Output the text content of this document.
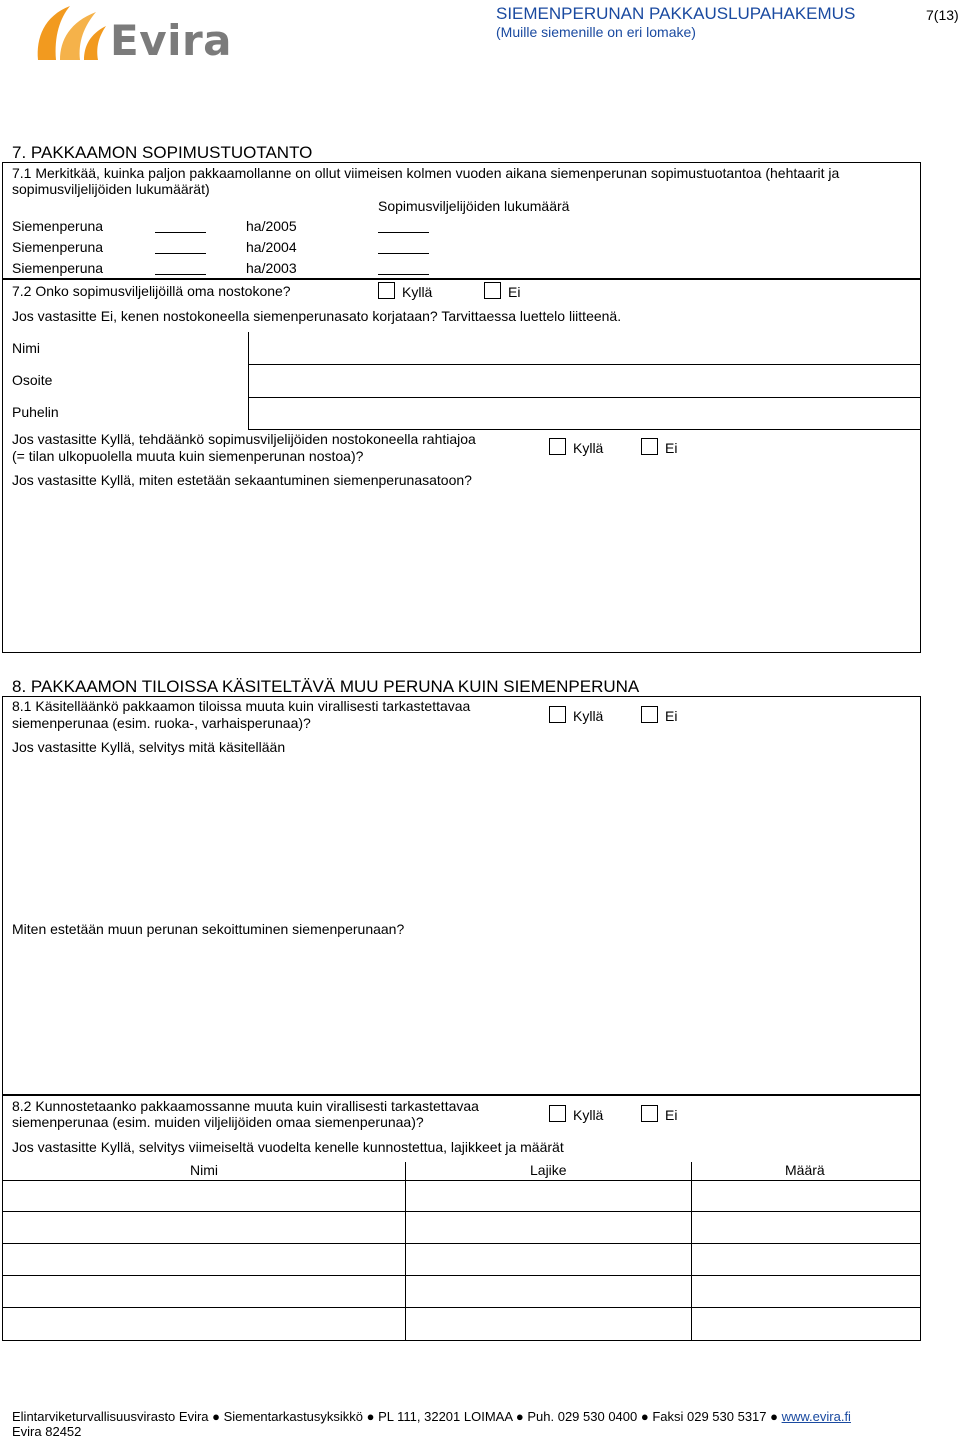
Evira
SIEMENPERUNAN PAKKAUSLUPAHAKEMUS
(Muille siemenille on eri lomake)
7(13)
7. PAKKAAMON SOPIMUSTUOTANTO
7.1 Merkitkää, kuinka paljon pakkaamollanne on ollut viimeisen kolmen vuoden aikana siemenperunan sopimustuotantoa (hehtaarit ja
sopimusviljelijöiden lukumäärät)
Sopimusviljelijöiden lukumäärä
Siemenperuna	ha/2005
Siemenperuna	ha/2004
Siemenperuna	ha/2003
7.2 Onko sopimusviljelijöillä oma nostokone?	Kyllä	Ei
Jos vastasitte Ei, kenen nostokoneella siemenperunasato korjataan? Tarvittaessa luettelo liitteenä.
Nimi
Osoite
Puhelin
Jos vastasitte Kyllä, tehdäänkö sopimusviljelijöiden nostokoneella rahtiajoa
(= tilan ulkopuolella muuta kuin siemenperunan nostoa)?	Kyllä	Ei
Jos vastasitte Kyllä, miten estetään sekaantuminen siemenperunasatoon?
8. PAKKAAMON TILOISSA KÄSITELTÄVÄ MUU PERUNA KUIN SIEMENPERUNA
8.1 Käsitelläänkö pakkaamon tiloissa muuta kuin virallisesti tarkastettavaa
siemenperunaa (esim. ruoka-, varhaisperunaa)?	Kyllä	Ei
Jos vastasitte Kyllä, selvitys mitä käsitellään
Miten estetään muun perunan sekoittuminen siemenperunaan?
8.2 Kunnostetaanko pakkaamossanne muuta kuin virallisesti tarkastettavaa
siemenperunaa (esim. muiden viljelijöiden omaa siemenperunaa)?	Kyllä	Ei
Jos vastasitte Kyllä, selvitys viimeiseltä vuodelta kenelle kunnostettua, lajikkeet ja määrät
Nimi	Lajike	Määrä
Elintarviketurvallisuusvirasto Evira ● Siementarkastusyksikkö ● PL 111, 32201 LOIMAA ● Puh. 029 530 0400 ● Faksi 029 530 5317 ● www.evira.fi
Evira 82452
